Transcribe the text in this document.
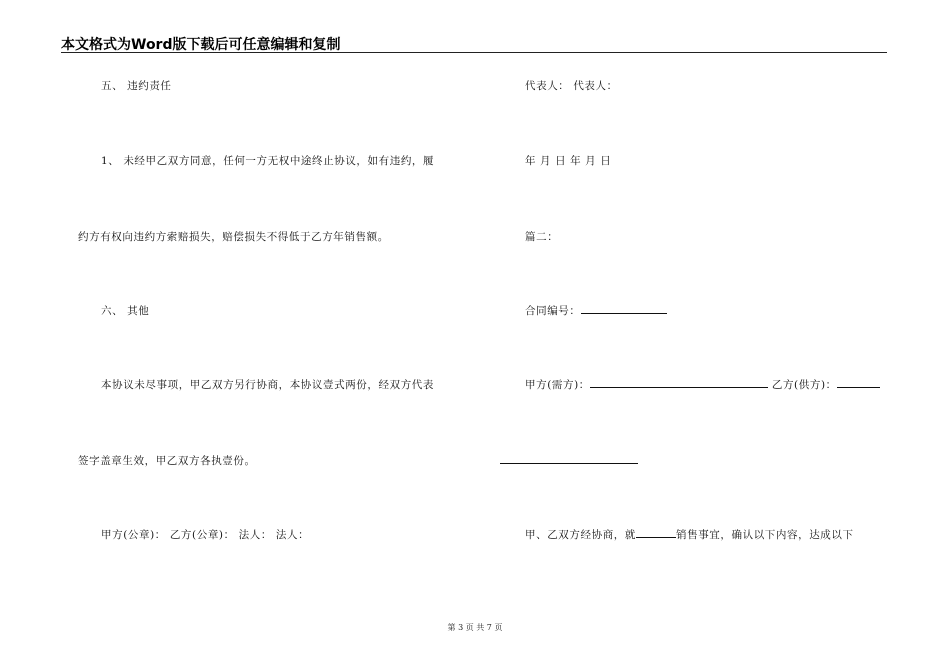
本文格式为Word版下载后可任意编辑和复制
五、 违约责任
1、 未经甲乙双方同意，任何一方无权中途终止协议，如有违约，履
约方有权向违约方索赔损失，赔偿损失不得低于乙方年销售额。
六、 其他
本协议未尽事项，甲乙双方另行协商，本协议壹式两份，经双方代表
签字盖章生效，甲乙双方各执壹份。
甲方(公章)： 乙方(公章)： 法人： 法人：
代表人： 代表人：
年 月 日 年 月 日
篇二：
合同编号：
甲方(需方)：	乙方(供方)：
甲、乙双方经协商，就	销售事宜，确认以下内容，达成以下
第 3 页 共 7 页
